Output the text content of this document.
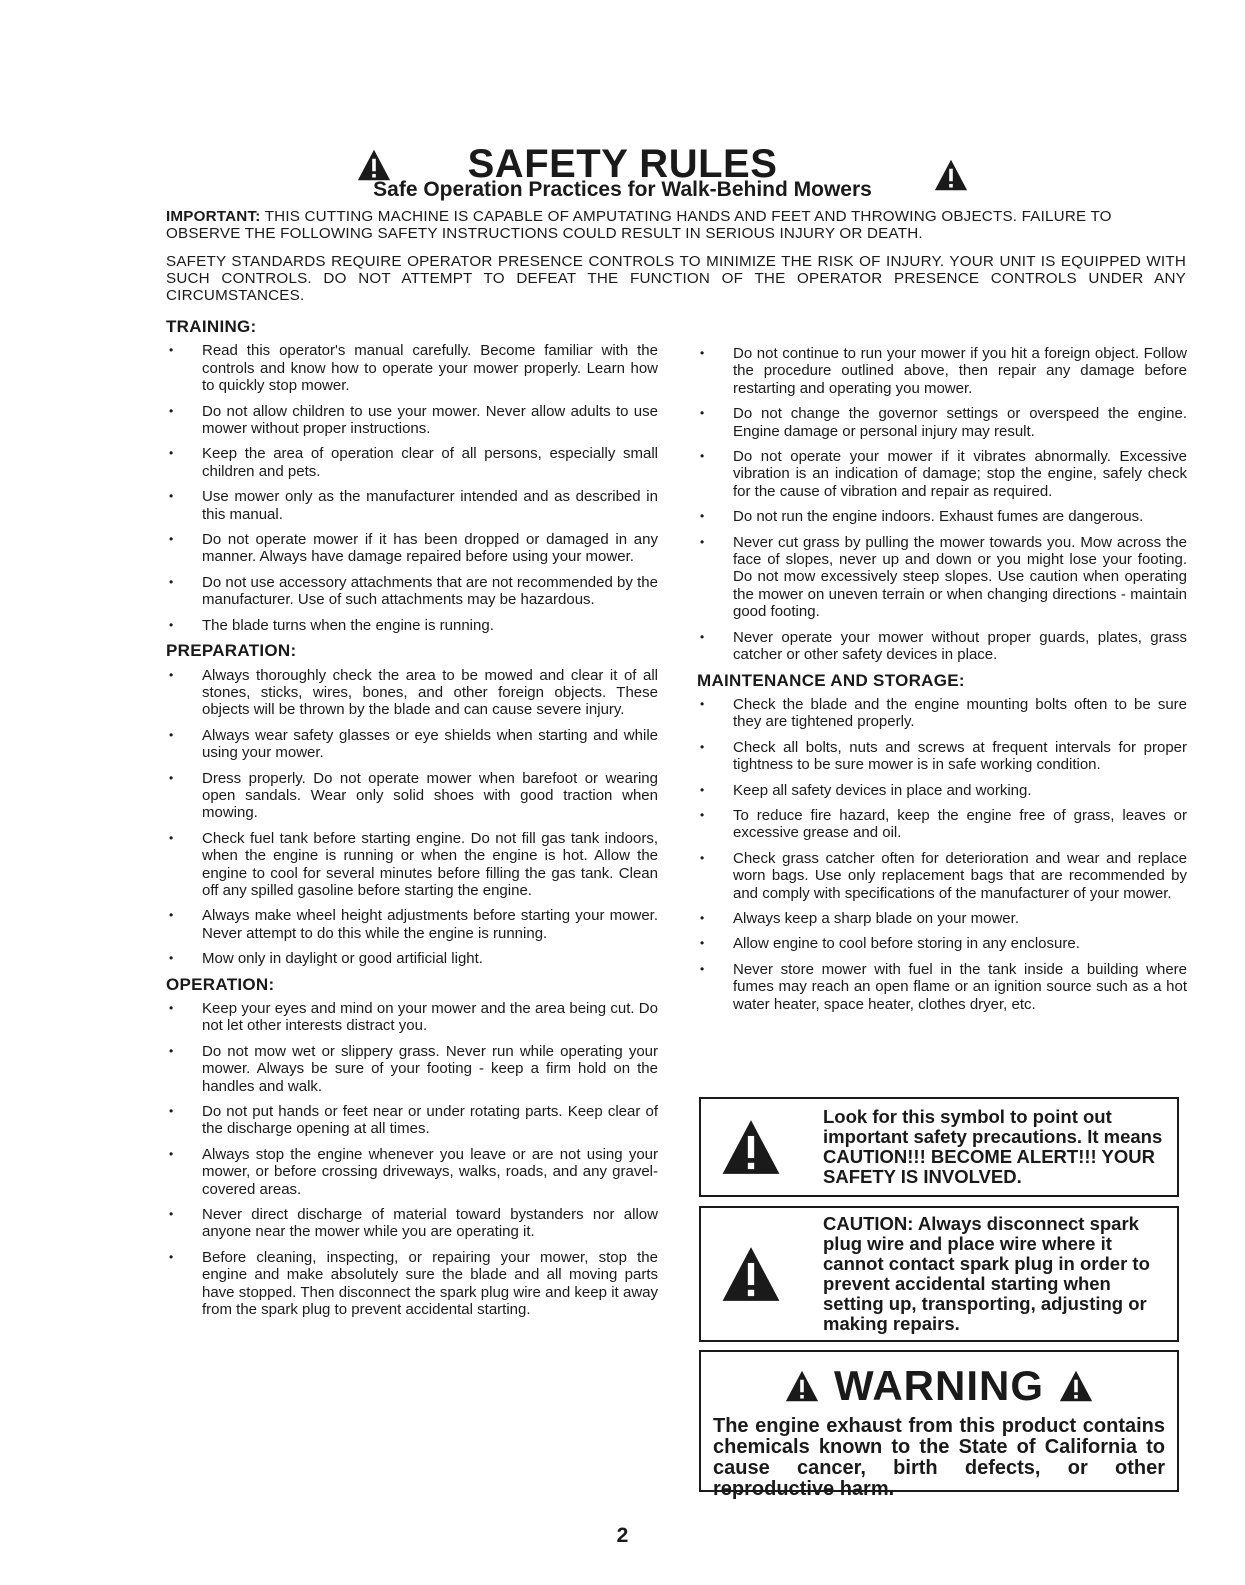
SAFETY RULES
Safe Operation Practices for Walk-Behind Mowers

IMPORTANT: THIS CUTTING MACHINE IS CAPABLE OF AMPUTATING HANDS AND FEET AND THROWING OBJECTS. FAILURE TO OBSERVE THE FOLLOWING SAFETY INSTRUCTIONS COULD RESULT IN SERIOUS INJURY OR DEATH.

SAFETY STANDARDS REQUIRE OPERATOR PRESENCE CONTROLS TO MINIMIZE THE RISK OF INJURY. YOUR UNIT IS EQUIPPED WITH SUCH CONTROLS. DO NOT ATTEMPT TO DEFEAT THE FUNCTION OF THE OPERATOR PRESENCE CONTROLS UNDER ANY CIRCUMSTANCES.

TRAINING:
• Read this operator's manual carefully. Become familiar with the controls and know how to operate your mower properly. Learn how to quickly stop mower.
• Do not allow children to use your mower. Never allow adults to use mower without proper instructions.
• Keep the area of operation clear of all persons, especially small children and pets.
• Use mower only as the manufacturer intended and as described in this manual.
• Do not operate mower if it has been dropped or damaged in any manner. Always have damage repaired before using your mower.
• Do not use accessory attachments that are not recommended by the manufacturer. Use of such attachments may be hazardous.
• The blade turns when the engine is running.
PREPARATION:
• Always thoroughly check the area to be mowed and clear it of all stones, sticks, wires, bones, and other foreign objects. These objects will be thrown by the blade and can cause severe injury.
• Always wear safety glasses or eye shields when starting and while using your mower.
• Dress properly. Do not operate mower when barefoot or wearing open sandals. Wear only solid shoes with good traction when mowing.
• Check fuel tank before starting engine. Do not fill gas tank indoors, when the engine is running or when the engine is hot. Allow the engine to cool for several minutes before filling the gas tank. Clean off any spilled gasoline before starting the engine.
• Always make wheel height adjustments before starting your mower. Never attempt to do this while the engine is running.
• Mow only in daylight or good artificial light.
OPERATION:
• Keep your eyes and mind on your mower and the area being cut. Do not let other interests distract you.
• Do not mow wet or slippery grass. Never run while operating your mower. Always be sure of your footing - keep a firm hold on the handles and walk.
• Do not put hands or feet near or under rotating parts. Keep clear of the discharge opening at all times.
• Always stop the engine whenever you leave or are not using your mower, or before crossing driveways, walks, roads, and any gravel-covered areas.
• Never direct discharge of material toward bystanders nor allow anyone near the mower while you are operating it.
• Before cleaning, inspecting, or repairing your mower, stop the engine and make absolutely sure the blade and all moving parts have stopped. Then disconnect the spark plug wire and keep it away from the spark plug to prevent accidental starting.
• Do not continue to run your mower if you hit a foreign object. Follow the procedure outlined above, then repair any damage before restarting and operating you mower.
• Do not change the governor settings or overspeed the engine. Engine damage or personal injury may result.
• Do not operate your mower if it vibrates abnormally. Excessive vibration is an indication of damage; stop the engine, safely check for the cause of vibration and repair as required.
• Do not run the engine indoors. Exhaust fumes are dangerous.
• Never cut grass by pulling the mower towards you. Mow across the face of slopes, never up and down or you might lose your footing. Do not mow excessively steep slopes. Use caution when operating the mower on uneven terrain or when changing directions - maintain good footing.
• Never operate your mower without proper guards, plates, grass catcher or other safety devices in place.
MAINTENANCE AND STORAGE:
• Check the blade and the engine mounting bolts often to be sure they are tightened properly.
• Check all bolts, nuts and screws at frequent intervals for proper tightness to be sure mower is in safe working condition.
• Keep all safety devices in place and working.
• To reduce fire hazard, keep the engine free of grass, leaves or excessive grease and oil.
• Check grass catcher often for deterioration and wear and replace worn bags. Use only replacement bags that are recommended by and comply with specifications of the manufacturer of your mower.
• Always keep a sharp blade on your mower.
• Allow engine to cool before storing in any enclosure.
• Never store mower with fuel in the tank inside a building where fumes may reach an open flame or an ignition source such as a hot water heater, space heater, clothes dryer, etc.

Look for this symbol to point out important safety precautions. It means CAUTION!!! BECOME ALERT!!! YOUR SAFETY IS INVOLVED.

CAUTION: Always disconnect spark plug wire and place wire where it cannot contact spark plug in order to prevent accidental starting when setting up, transporting, adjusting or making repairs.

WARNING

The engine exhaust from this product contains chemicals known to the State of California to cause cancer, birth defects, or other reproductive harm.

2
